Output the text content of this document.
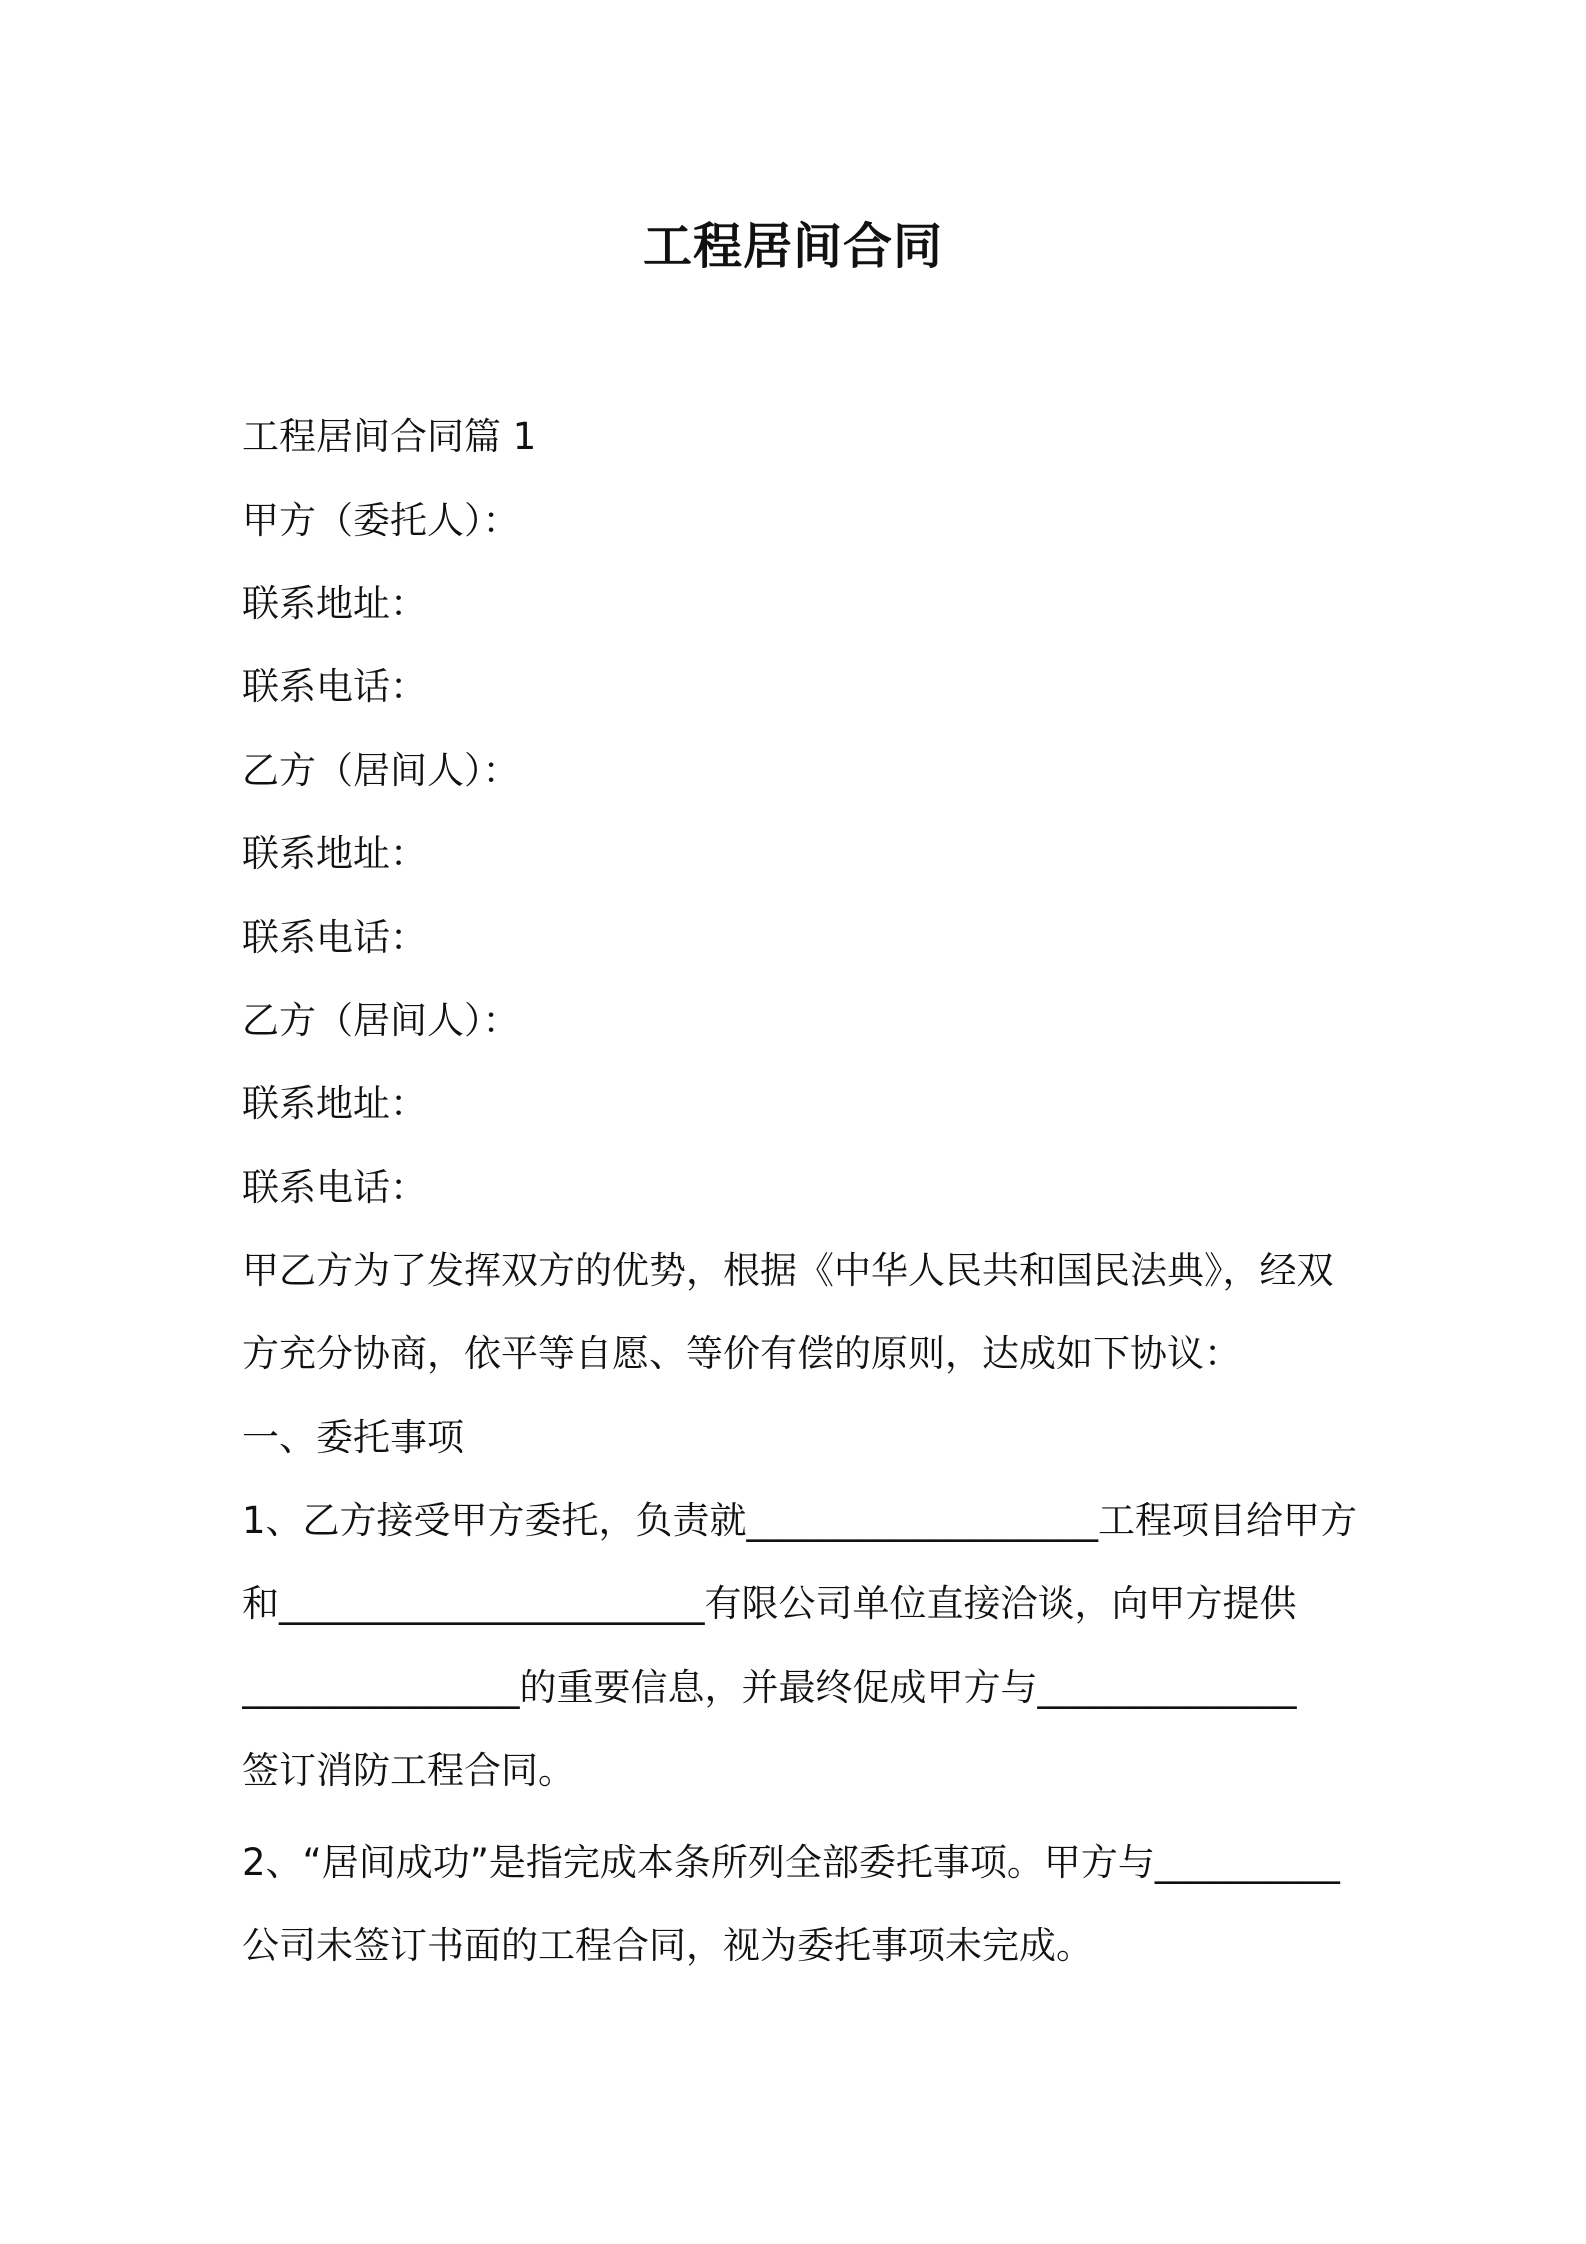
工程居间合同
工程居间合同篇 1
甲方（委托人）：
联系地址：
联系电话：
乙方（居间人）：
联系地址：
联系电话：
乙方（居间人）：
联系地址：
联系电话：
甲乙方为了发挥双方的优势，根据《中华人民共和国民法典》，经双
方充分协商，依平等自愿、等价有偿的原则，达成如下协议：
一、委托事项
1、乙方接受甲方委托，负责就___________________工程项目给甲方
和_______________________有限公司单位直接洽谈，向甲方提供
_______________的重要信息，并最终促成甲方与______________
签订消防工程合同。
2、“居间成功”是指完成本条所列全部委托事项。甲方与__________
公司未签订书面的工程合同，视为委托事项未完成。
